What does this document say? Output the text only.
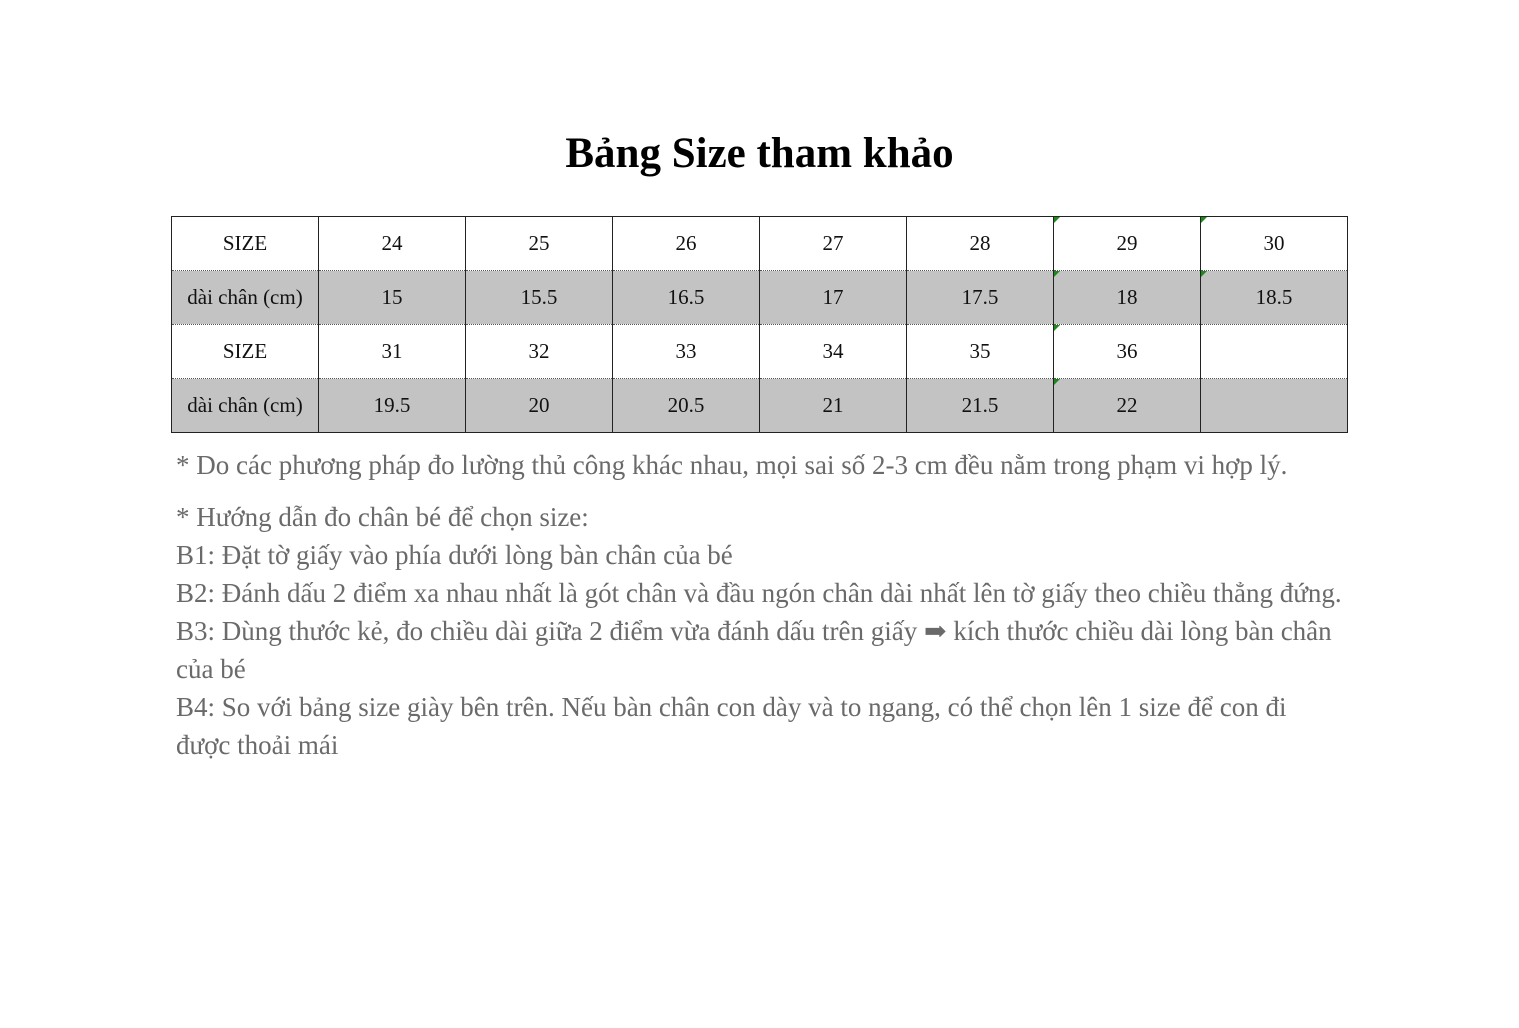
Bảng Size tham khảo
SIZE	24	25	26	27	28	29	30
dài chân (cm)	15	15.5	16.5	17	17.5	18	18.5
SIZE	31	32	33	34	35	36	
dài chân (cm)	19.5	20	20.5	21	21.5	22	

* Do các phương pháp đo lường thủ công khác nhau, mọi sai số 2-3 cm đều nằm trong phạm vi hợp lý.

* Hướng dẫn đo chân bé để chọn size:

B1: Đặt tờ giấy vào phía dưới lòng bàn chân của bé

B2: Đánh dấu 2 điểm xa nhau nhất là gót chân và đầu ngón chân dài nhất lên tờ giấy theo chiều thẳng đứng.

B3: Dùng thước kẻ, đo chiều dài giữa 2 điểm vừa đánh dấu trên giấy ➡ kích thước chiều dài lòng bàn chân của bé

B4: So với bảng size giày bên trên. Nếu bàn chân con dày và to ngang, có thể chọn lên 1 size để con đi được thoải mái
